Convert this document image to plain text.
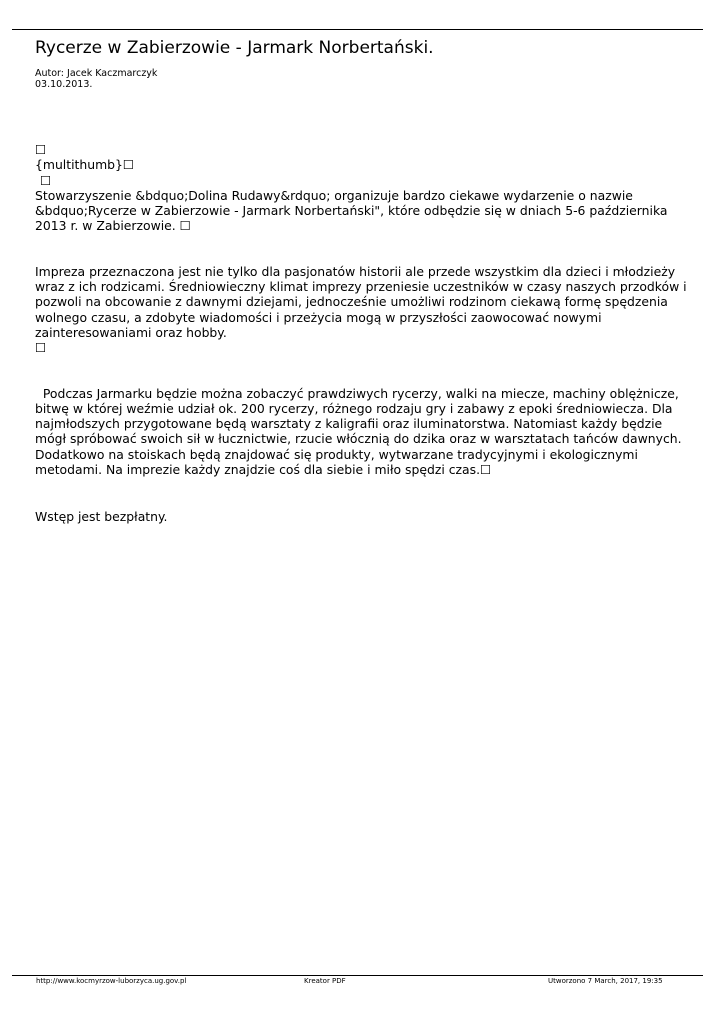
Rycerze w Zabierzowie - Jarmark Norbertański.
Autor: Jacek Kaczmarczyk
03.10.2013.
☐
{multithumb}☐
☐
Stowarzyszenie &bdquo;Dolina Rudawy&rdquo; organizuje bardzo ciekawe wydarzenie o nazwie
&bdquo;Rycerze w Zabierzowie - Jarmark Norbertański", które odbędzie się w dniach 5-6 października
2013 r. w Zabierzowie. ☐
Impreza przeznaczona jest nie tylko dla pasjonatów historii ale przede wszystkim dla dzieci i młodzieży
wraz z ich rodzicami. Średniowieczny klimat imprezy przeniesie uczestników w czasy naszych przodków i
pozwoli na obcowanie z dawnymi dziejami, jednocześnie umożliwi rodzinom ciekawą formę spędzenia
wolnego czasu, a zdobyte wiadomości i przeżycia mogą w przyszłości zaowocować nowymi
zainteresowaniami oraz hobby.
☐
Podczas Jarmarku będzie można zobaczyć prawdziwych rycerzy, walki na miecze, machiny oblężnicze,
bitwę w której weźmie udział ok. 200 rycerzy, różnego rodzaju gry i zabawy z epoki średniowiecza. Dla
najmłodszych przygotowane będą warsztaty z kaligrafii oraz iluminatorstwa. Natomiast każdy będzie
mógł spróbować swoich sił w łucznictwie, rzucie włócznią do dzika oraz w warsztatach tańców dawnych.
Dodatkowo na stoiskach będą znajdować się produkty, wytwarzane tradycyjnymi i ekologicznymi
metodami. Na imprezie każdy znajdzie coś dla siebie i miło spędzi czas.☐
Wstęp jest bezpłatny.
http://www.kocmyrzow-luborzyca.ug.gov.pl	Kreator PDF	Utworzono 7 March, 2017, 19:35
